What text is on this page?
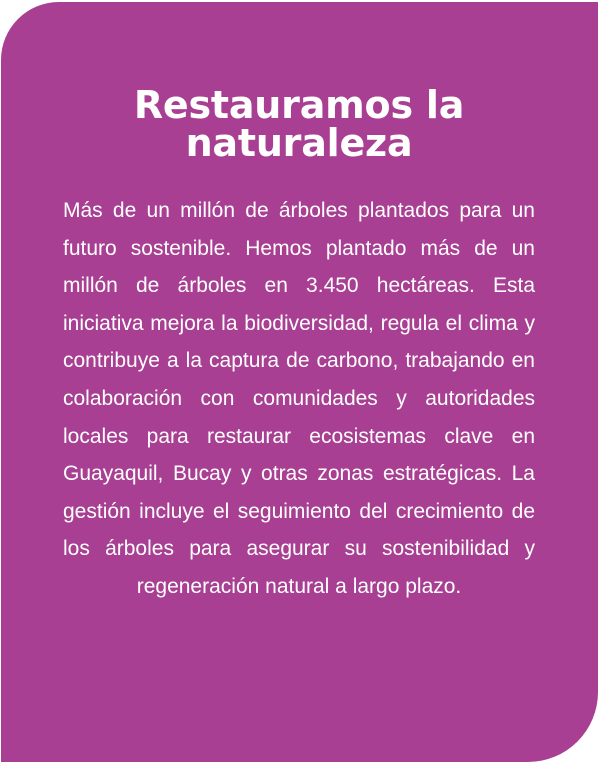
Restauramos la naturaleza

Más de un millón de árboles plantados para un futuro sostenible. Hemos plantado más de un millón de árboles en 3.450 hectáreas. Esta iniciativa mejora la biodiversidad, regula el clima y contribuye a la captura de carbono, trabajando en colaboración con comunidades y autoridades locales para restaurar ecosistemas clave en Guayaquil, Bucay y otras zonas estratégicas. La gestión incluye el seguimiento del crecimiento de los árboles para asegurar su sostenibilidad y regeneración natural a largo plazo.
